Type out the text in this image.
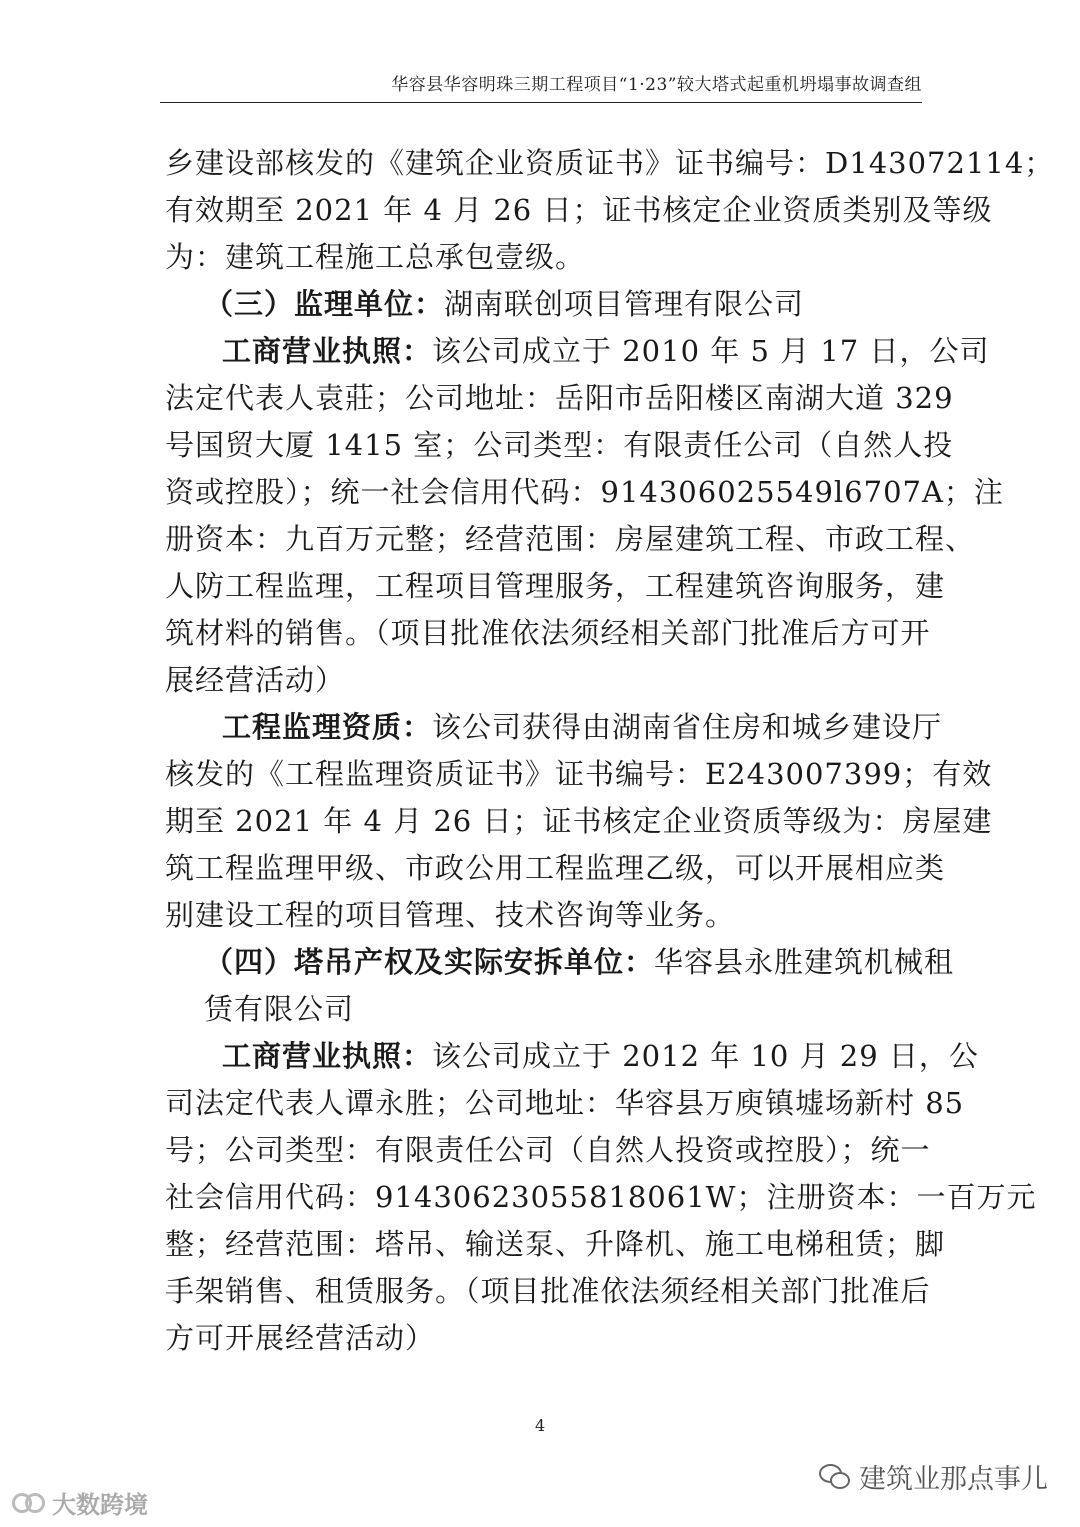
华容县华容明珠三期工程项目“1·23”较大塔式起重机坍塌事故调查组
乡建设部核发的《建筑企业资质证书》证书编号：D143072114；
有效期至 2021 年 4 月 26 日；证书核定企业资质类别及等级
为：建筑工程施工总承包壹级。
（三）监理单位：湖南联创项目管理有限公司
工商营业执照：该公司成立于 2010 年 5 月 17 日，公司
法定代表人袁莊；公司地址：岳阳市岳阳楼区南湖大道 329
号国贸大厦 1415 室；公司类型：有限责任公司（自然人投
资或控股）；统一社会信用代码：914306025549l6707A；注
册资本：九百万元整；经营范围：房屋建筑工程、市政工程、
人防工程监理，工程项目管理服务，工程建筑咨询服务，建
筑材料的销售。（项目批准依法须经相关部门批准后方可开
展经营活动）
工程监理资质：该公司获得由湖南省住房和城乡建设厅
核发的《工程监理资质证书》证书编号：E243007399；有效
期至 2021 年 4 月 26 日；证书核定企业资质等级为：房屋建
筑工程监理甲级、市政公用工程监理乙级，可以开展相应类
别建设工程的项目管理、技术咨询等业务。
（四）塔吊产权及实际安拆单位：华容县永胜建筑机械租
赁有限公司
工商营业执照：该公司成立于 2012 年 10 月 29 日，公
司法定代表人谭永胜；公司地址：华容县万庾镇墟场新村 85
号；公司类型：有限责任公司（自然人投资或控股）；统一
社会信用代码：91430623055818061W；注册资本：一百万元
整；经营范围：塔吊、输送泵、升降机、施工电梯租赁；脚
手架销售、租赁服务。（项目批准依法须经相关部门批准后
方可开展经营活动）
4
建筑业那点事儿
大数跨境
